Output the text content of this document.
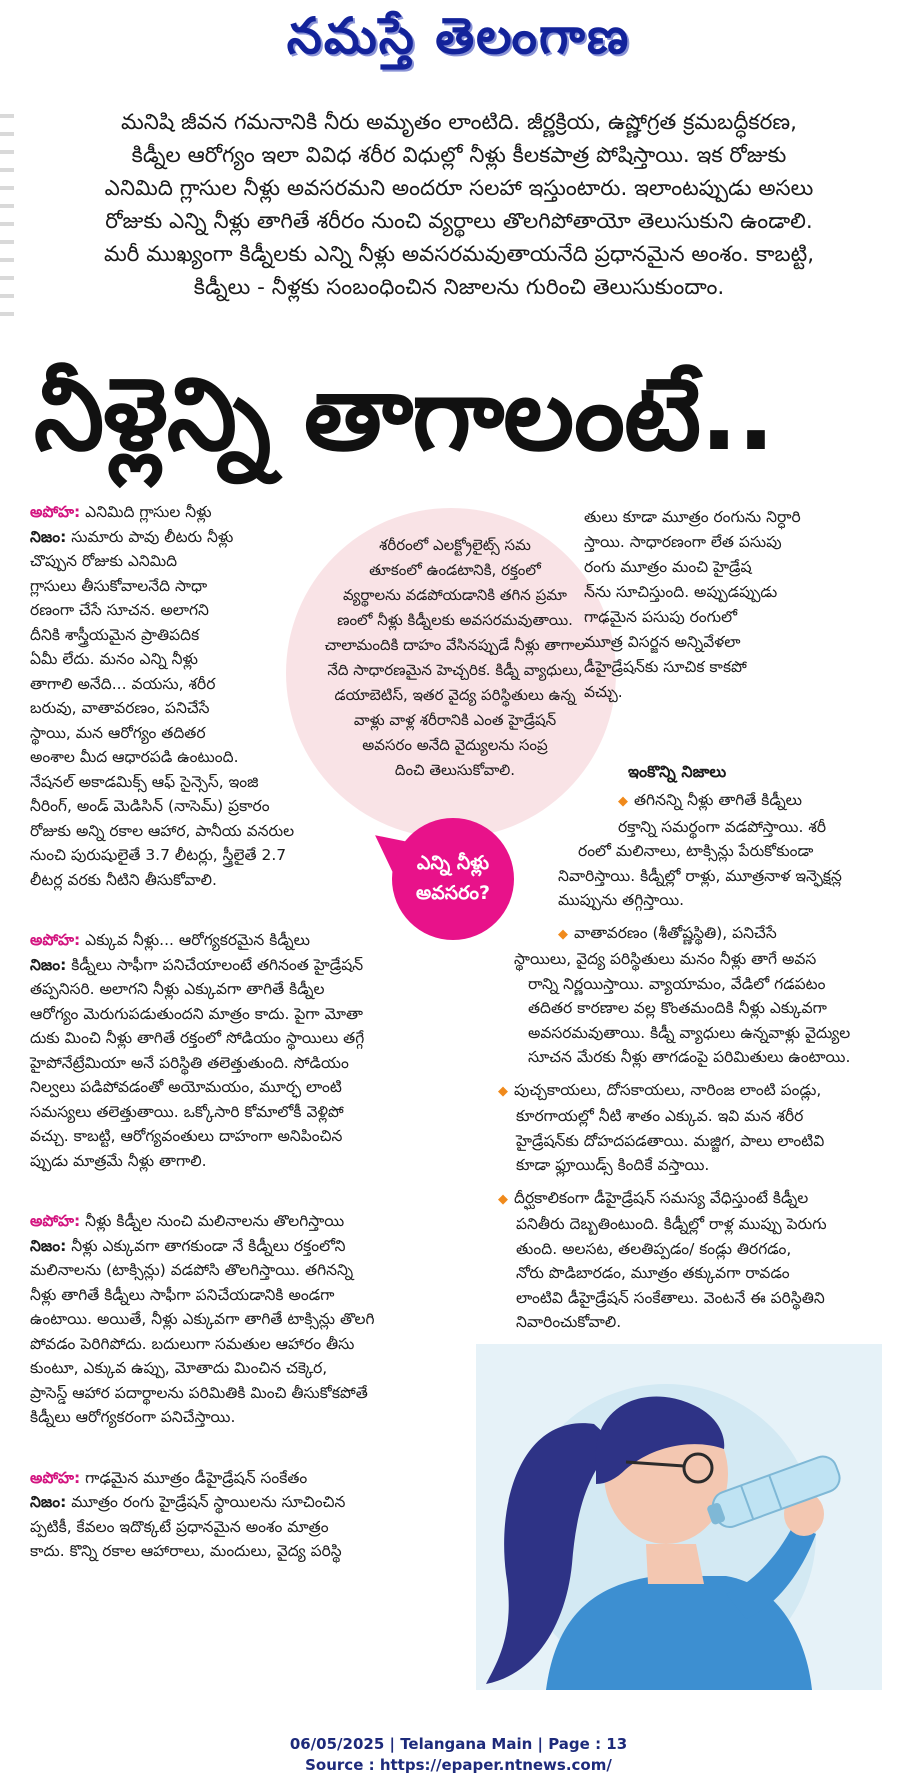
నమస్తే తెలంగాణ
మనిషి జీవన గమనానికి నీరు అమృతం లాంటిది. జీర్ణక్రియ, ఉష్ణోగ్రత క్రమబద్ధీకరణ,
కిడ్నీల ఆరోగ్యం ఇలా వివిధ శరీర విధుల్లో నీళ్లు కీలకపాత్ర పోషిస్తాయి. ఇక రోజుకు
ఎనిమిది గ్లాసుల నీళ్లు అవసరమని అందరూ సలహా ఇస్తుంటారు. ఇలాంటప్పుడు అసలు
రోజుకు ఎన్ని నీళ్లు తాగితే శరీరం నుంచి వ్యర్థాలు తొలగిపోతాయో తెలుసుకుని ఉండాలి.
మరీ ముఖ్యంగా కిడ్నీలకు ఎన్ని నీళ్లు అవసరమవుతాయనేది ప్రధానమైన అంశం. కాబట్టి,
కిడ్నీలు - నీళ్లకు సంబంధించిన నిజాలను గురించి తెలుసుకుందాం.
నీళ్లెన్ని తాగాలంటే..

అపోహ: ఎనిమిది గ్లాసుల నీళ్లు

నిజం: సుమారు పావు లీటరు నీళ్లు

చొప్పున రోజుకు ఎనిమిది

గ్లాసులు తీసుకోవాలనేది సాధా

రణంగా చేసే సూచన. అలాగని

దీనికి శాస్త్రీయమైన ప్రాతిపదిక

ఏమీ లేదు. మనం ఎన్ని నీళ్లు

తాగాలి అనేది... వయసు, శరీర

బరువు, వాతావరణం, పనిచేసే

స్థాయి, మన ఆరోగ్యం తదితర

అంశాల మీద ఆధారపడి ఉంటుంది.

నేషనల్ అకాడమిక్స్ ఆఫ్ సైన్సెస్, ఇంజి

నీరింగ్, అండ్ మెడిసిన్ (నాసెమ్) ప్రకారం

రోజుకు అన్ని రకాల ఆహార, పానీయ వనరుల

నుంచి పురుషులైతే 3.7 లీటర్లు, స్త్రీలైతే 2.7

లీటర్ల వరకు నీటిని తీసుకోవాలి.

అపోహ: ఎక్కువ నీళ్లు... ఆరోగ్యకరమైన కిడ్నీలు

నిజం: కిడ్నీలు సాఫీగా పనిచేయాలంటే తగినంత హైడ్రేషన్

తప్పనిసరి. అలాగని నీళ్లు ఎక్కువగా తాగితే కిడ్నీల

ఆరోగ్యం మెరుగుపడుతుందని మాత్రం కాదు. పైగా మోతా

దుకు మించి నీళ్లు తాగితే రక్తంలో సోడియం స్థాయిలు తగ్గే

హైపోనేట్రేమియా అనే పరిస్థితి తలెత్తుతుంది. సోడియం

నిల్వలు పడిపోవడంతో అయోమయం, మూర్ఛ లాంటి

సమస్యలు తలెత్తుతాయి. ఒక్కోసారి కోమాలోకీ వెళ్లిపో

వచ్చు. కాబట్టి, ఆరోగ్యవంతులు దాహంగా అనిపించిన

ప్పుడు మాత్రమే నీళ్లు తాగాలి.

అపోహ: నీళ్లు కిడ్నీల నుంచి మలినాలను తొలగిస్తాయి

నిజం: నీళ్లు ఎక్కువగా తాగకుండా నే కిడ్నీలు రక్తంలోని

మలినాలను (టాక్సిన్లు) వడపోసి తొలగిస్తాయి. తగినన్ని

నీళ్లు తాగితే కిడ్నీలు సాఫీగా పనిచేయడానికి అండగా

ఉంటాయి. అయితే, నీళ్లు ఎక్కువగా తాగితే టాక్సిన్లు తొలగి

పోవడం పెరిగిపోదు. బదులుగా సమతుల ఆహారం తీసు

కుంటూ, ఎక్కువ ఉప్పు, మోతాదు మించిన చక్కెర,

ప్రాసెస్డ్ ఆహార పదార్థాలను పరిమితికి మించి తీసుకోకపోతే

కిడ్నీలు ఆరోగ్యకరంగా పనిచేస్తాయి.

అపోహ: గాఢమైన మూత్రం డీహైడ్రేషన్ సంకేతం

నిజం: మూత్రం రంగు హైడ్రేషన్ స్థాయిలను సూచించిన

ప్పటికీ, కేవలం ఇదొక్కటే ప్రధానమైన అంశం మాత్రం

కాదు. కొన్ని రకాల ఆహారాలు, మందులు, వైద్య పరిస్థి

శరీరంలో ఎలక్ట్రోలైట్స్ సమ

తూకంలో ఉండటానికి, రక్తంలో

వ్యర్థాలను వడపోయడానికి తగిన ప్రమా

ణంలో నీళ్లు కిడ్నీలకు అవసరమవుతాయి.

చాలామందికి దాహం వేసినప్పుడే నీళ్లు తాగాల

నేది సాధారణమైన హెచ్చరిక. కిడ్నీ వ్యాధులు,

డయాబెటిస్, ఇతర వైద్య పరిస్థితులు ఉన్న

వాళ్లు వాళ్ల శరీరానికి ఎంత హైడ్రేషన్

అవసరం అనేది వైద్యులను సంప్ర

దించి తెలుసుకోవాలి.

ఎన్ని నీళ్లు
అవసరం?

తులు కూడా మూత్రం రంగును నిర్ధారి

స్తాయి. సాధారణంగా లేత పసుపు

రంగు మూత్రం మంచి హైడ్రేష

న్‌ను సూచిస్తుంది. అప్పుడప్పుడు

గాఢమైన పసుపు రంగులో

మూత్ర విసర్జన అన్నివేళలా

డీహైడ్రేషన్‌కు సూచిక కాకపో

వచ్చు.

ఇంకొన్ని నిజాలు

◆ తగినన్ని నీళ్లు తాగితే కిడ్నీలు

రక్తాన్ని సమర్థంగా వడపోస్తాయి. శరీ

రంలో మలినాలు, టాక్సిన్లు పేరుకోకుండా

నివారిస్తాయి. కిడ్నీల్లో రాళ్లు, మూత్రనాళ ఇన్ఫెక్షన్ల

ముప్పును తగ్గిస్తాయి.

◆ వాతావరణం (శీతోష్ణస్థితి), పనిచేసే

స్థాయిలు, వైద్య పరిస్థితులు మనం నీళ్లు తాగే అవస

రాన్ని నిర్ణయిస్తాయి. వ్యాయామం, వేడిలో గడపటం

తదితర కారణాల వల్ల కొంతమందికి నీళ్లు ఎక్కువగా

అవసరమవుతాయి. కిడ్నీ వ్యాధులు ఉన్నవాళ్లు వైద్యుల

సూచన మేరకు నీళ్లు తాగడంపై పరిమితులు ఉంటాయి.

◆ పుచ్చకాయలు, దోసకాయలు, నారింజ లాంటి పండ్లు,

కూరగాయల్లో నీటి శాతం ఎక్కువ. ఇవి మన శరీర

హైడ్రేషన్‌కు దోహదపడతాయి. మజ్జిగ, పాలు లాంటివి

కూడా ఫ్లూయిడ్స్ కిందికే వస్తాయి.

◆ దీర్ఘకాలికంగా డీహైడ్రేషన్ సమస్య వేధిస్తుంటే కిడ్నీల

పనితీరు దెబ్బతింటుంది. కిడ్నీల్లో రాళ్ల ముప్పు పెరుగు

తుంది. అలసట, తలతిప్పడం/ కండ్లు తిరగడం,

నోరు పొడిబారడం, మూత్రం తక్కువగా రావడం

లాంటివి డీహైడ్రేషన్ సంకేతాలు. వెంటనే ఈ పరిస్థితిని

నివారించుకోవాలి.

06/05/2025 | Telangana Main | Page : 13
Source : https://epaper.ntnews.com/
